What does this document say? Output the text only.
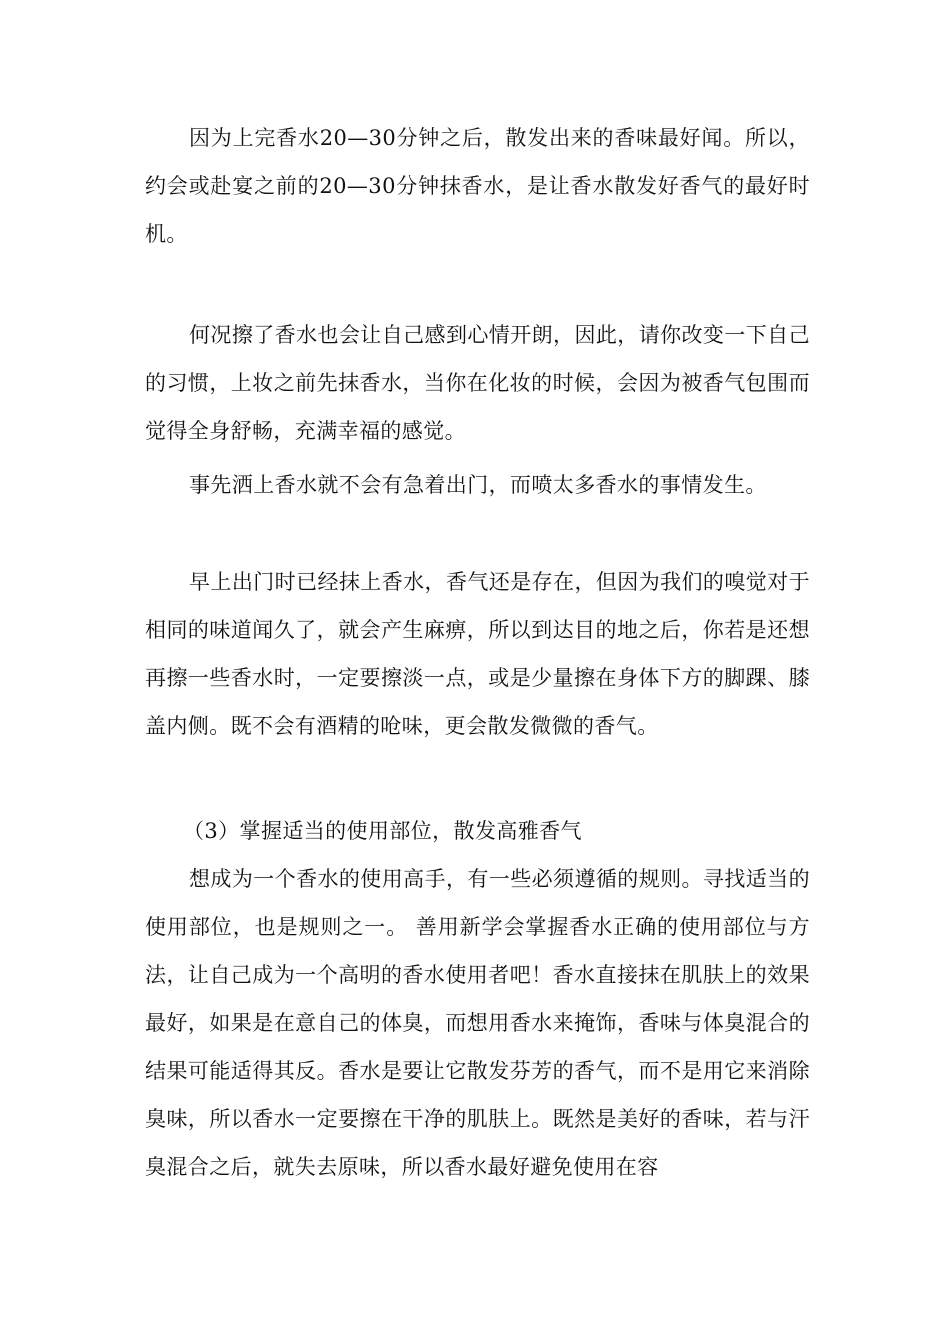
因为上完香水20—30分钟之后，散发出来的香味最好闻。所以，约会或赴宴之前的20—30分钟抹香水，是让香水散发好香气的最好时机。

何况擦了香水也会让自己感到心情开朗，因此，请你改变一下自己的习惯，上妆之前先抹香水，当你在化妆的时候，会因为被香气包围而觉得全身舒畅，充满幸福的感觉。

事先洒上香水就不会有急着出门，而喷太多香水的事情发生。

早上出门时已经抹上香水，香气还是存在，但因为我们的嗅觉对于相同的味道闻久了，就会产生麻痹，所以到达目的地之后，你若是还想再擦一些香水时，一定要擦淡一点，或是少量擦在身体下方的脚踝、膝盖内侧。既不会有酒精的呛味，更会散发微微的香气。

（3）掌握适当的使用部位，散发高雅香气

想成为一个香水的使用高手，有一些必须遵循的规则。寻找适当的使用部位，也是规则之一。 善用新学会掌握香水正确的使用部位与方法，让自己成为一个高明的香水使用者吧！香水直接抹在肌肤上的效果最好，如果是在意自己的体臭，而想用香水来掩饰，香味与体臭混合的结果可能适得其反。香水是要让它散发芬芳的香气，而不是用它来消除臭味，所以香水一定要擦在干净的肌肤上。既然是美好的香味，若与汗臭混合之后，就失去原味，所以香水最好避免使用在容
